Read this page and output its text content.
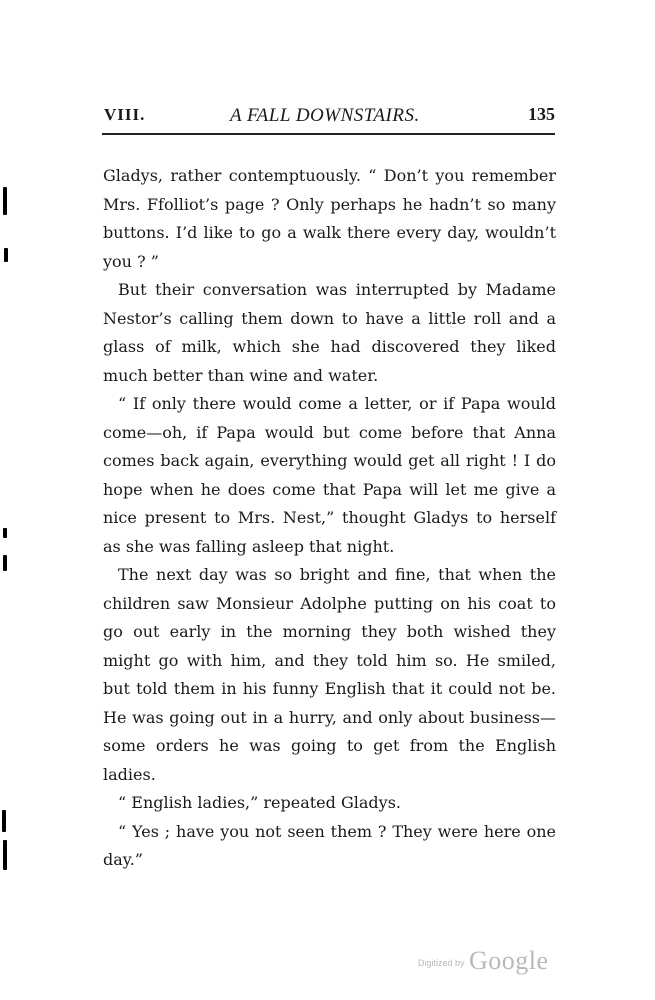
VIII.	A FALL DOWNSTAIRS.	135

Gladys, rather contemptuously. “ Don’t you remember Mrs. Ffolliot’s page ? Only perhaps he hadn’t so many buttons. I’d like to go a walk there every day, wouldn’t you ? ”

But their conversation was interrupted by Madame Nestor’s calling them down to have a little roll and a glass of milk, which she had discovered they liked much better than wine and water.

“ If only there would come a letter, or if Papa would come—oh, if Papa would but come before that Anna comes back again, everything would get all right ! I do hope when he does come that Papa will let me give a nice present to Mrs. Nest,” thought Gladys to herself as she was falling asleep that night.

The next day was so bright and fine, that when the children saw Monsieur Adolphe putting on his coat to go out early in the morning they both wished they might go with him, and they told him so. He smiled, but told them in his funny English that it could not be. He was going out in a hurry, and only about business—some orders he was going to get from the English ladies.

“ English ladies,” repeated Gladys.

“ Yes ; have you not seen them ? They were here one day.”

Digitized by Google
